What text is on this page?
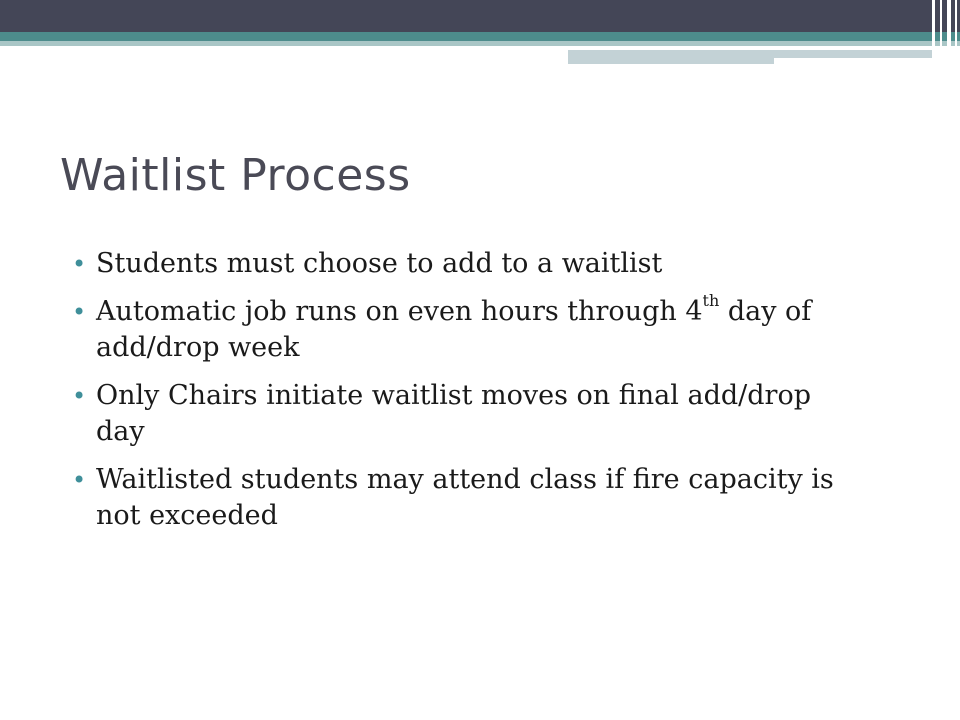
Waitlist Process
• Students must choose to add to a waitlist
• Automatic job runs on even hours through 4th day of add/drop week
• Only Chairs initiate waitlist moves on final add/drop day
• Waitlisted students may attend class if fire capacity is not exceeded
